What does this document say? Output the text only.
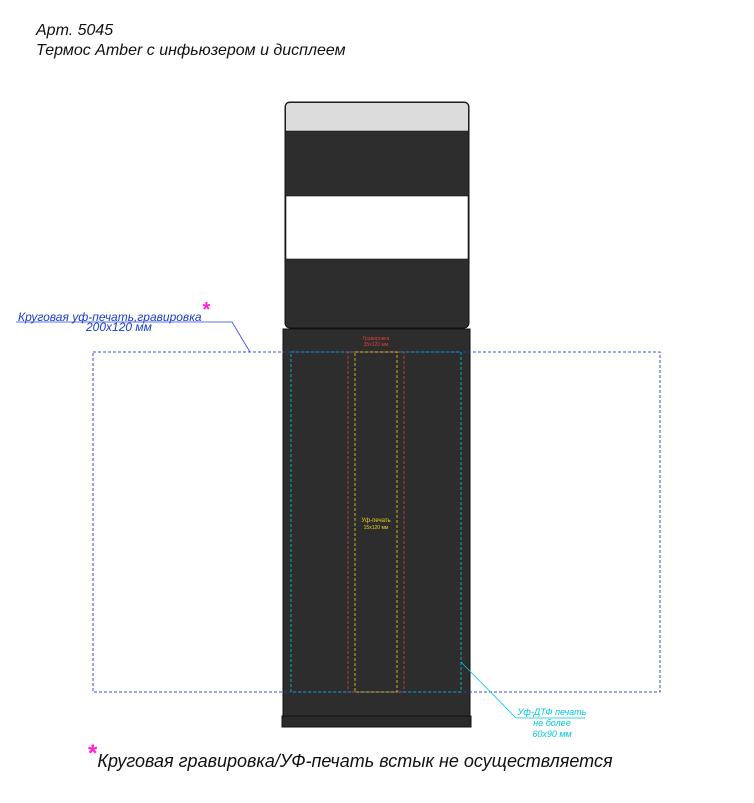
Арт. 5045
Термос Amber с инфьюзером и дисплеем
Гравировка
35х120 мм
Уф-печать
15х120 мм
Круговая уф-печать,гравировка*
200x120 мм
Уф-ДТФ печать
не более
60х90 мм
*Круговая гравировка/УФ-печать встык не осуществляется
